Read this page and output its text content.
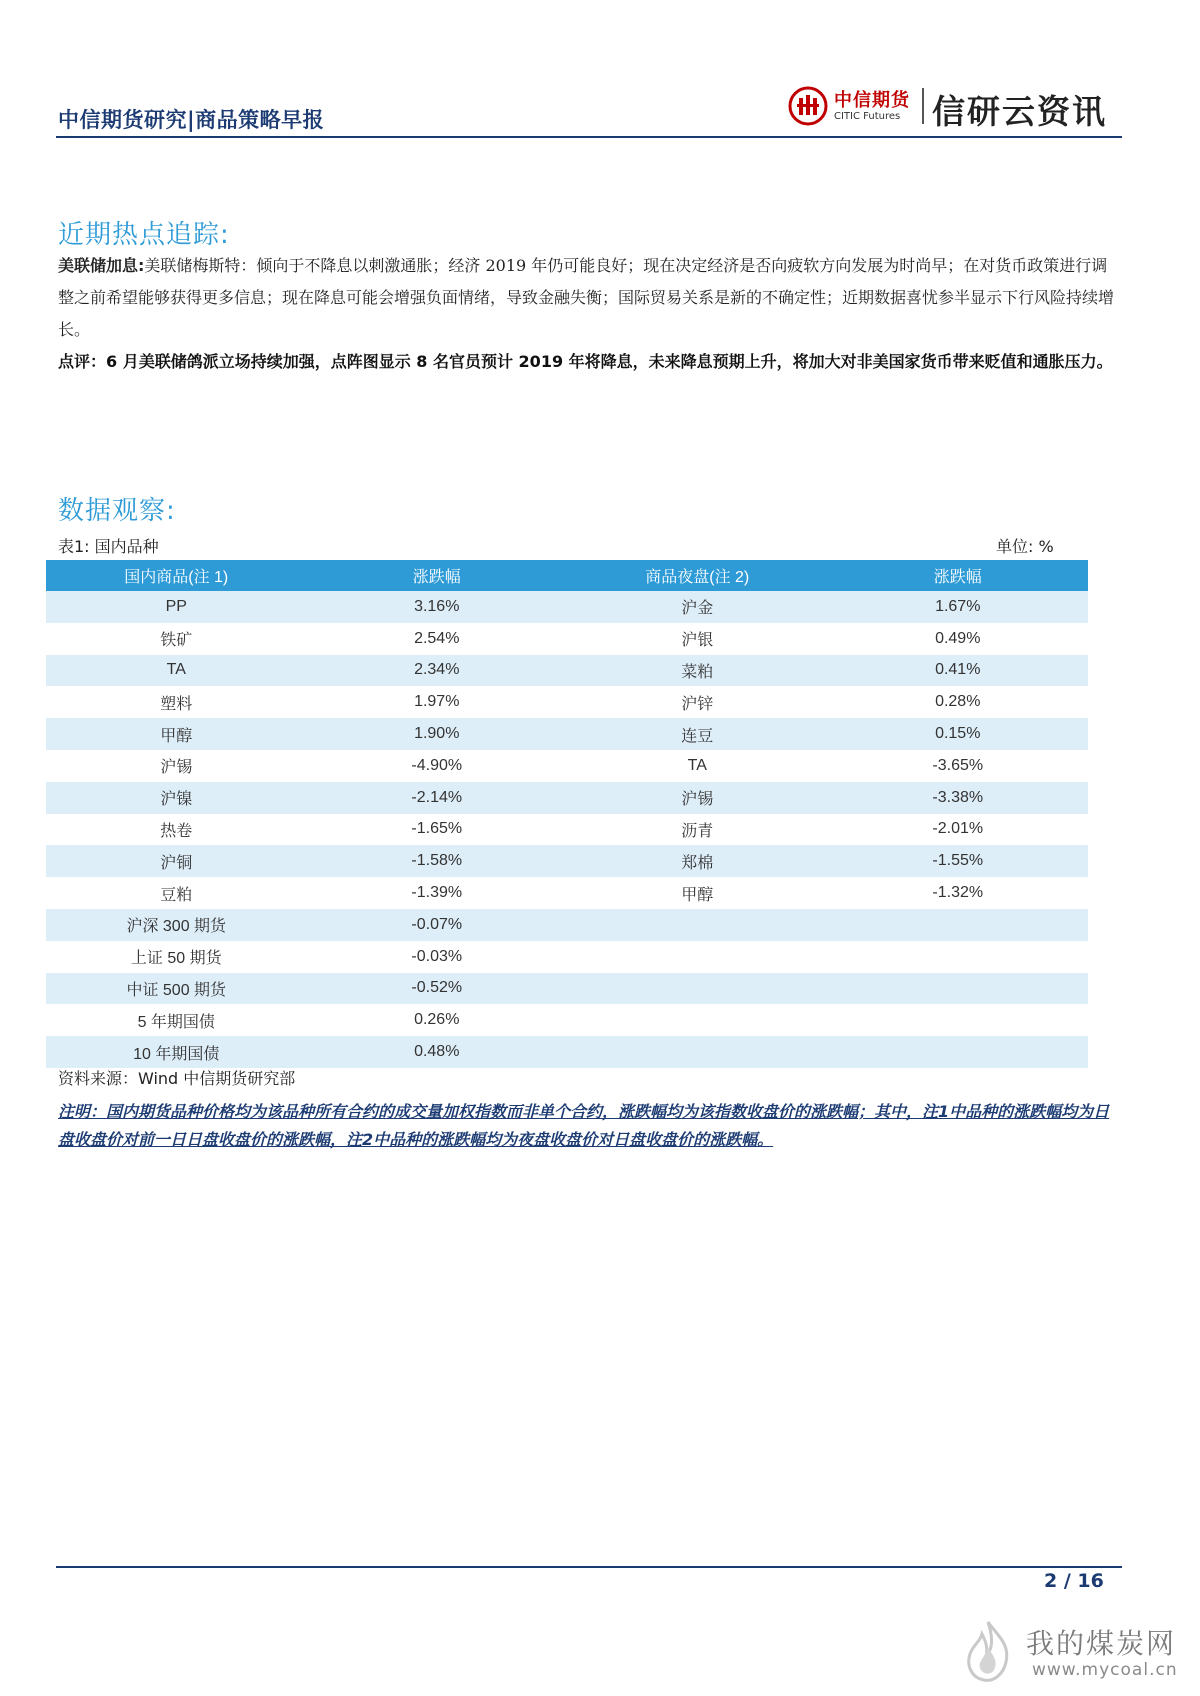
中信期货研究|商品策略早报
中信期货
CITIC Futures 信研云资讯
近期热点追踪:
美联储加息:美联储梅斯特：倾向于不降息以刺激通胀；经济 2019 年仍可能良好；现在决定经济是否向疲软方向发展为时尚早；在对货币政策进行调整之前希望能够获得更多信息；现在降息可能会增强负面情绪，导致金融失衡；国际贸易关系是新的不确定性；近期数据喜忧参半显示下行风险持续增长。
点评：6 月美联储鸽派立场持续加强，点阵图显示 8 名官员预计 2019 年将降息，未来降息预期上升，将加大对非美国家货币带来贬值和通胀压力。
数据观察:
表1: 国内品种	单位: %
国内商品(注 1)	涨跌幅	商品夜盘(注 2)	涨跌幅
PP	3.16%	沪金	1.67%
铁矿	2.54%	沪银	0.49%
TA	2.34%	菜粕	0.41%
塑料	1.97%	沪锌	0.28%
甲醇	1.90%	连豆	0.15%
沪锡	-4.90%	TA	-3.65%
沪镍	-2.14%	沪锡	-3.38%
热卷	-1.65%	沥青	-2.01%
沪铜	-1.58%	郑棉	-1.55%
豆粕	-1.39%	甲醇	-1.32%
沪深 300 期货	-0.07%		
上证 50 期货	-0.03%		
中证 500 期货	-0.52%		
5 年期国债	0.26%		
10 年期国债	0.48%		
资料来源：Wind 中信期货研究部
注明：国内期货品种价格均为该品种所有合约的成交量加权指数而非单个合约，涨跌幅均为该指数收盘价的涨跌幅；其中，注1中品种的涨跌幅均为日盘收盘价对前一日日盘收盘价的涨跌幅，注2中品种的涨跌幅均为夜盘收盘价对日盘收盘价的涨跌幅。
2 / 16
我的煤炭网
www.mycoal.cn
